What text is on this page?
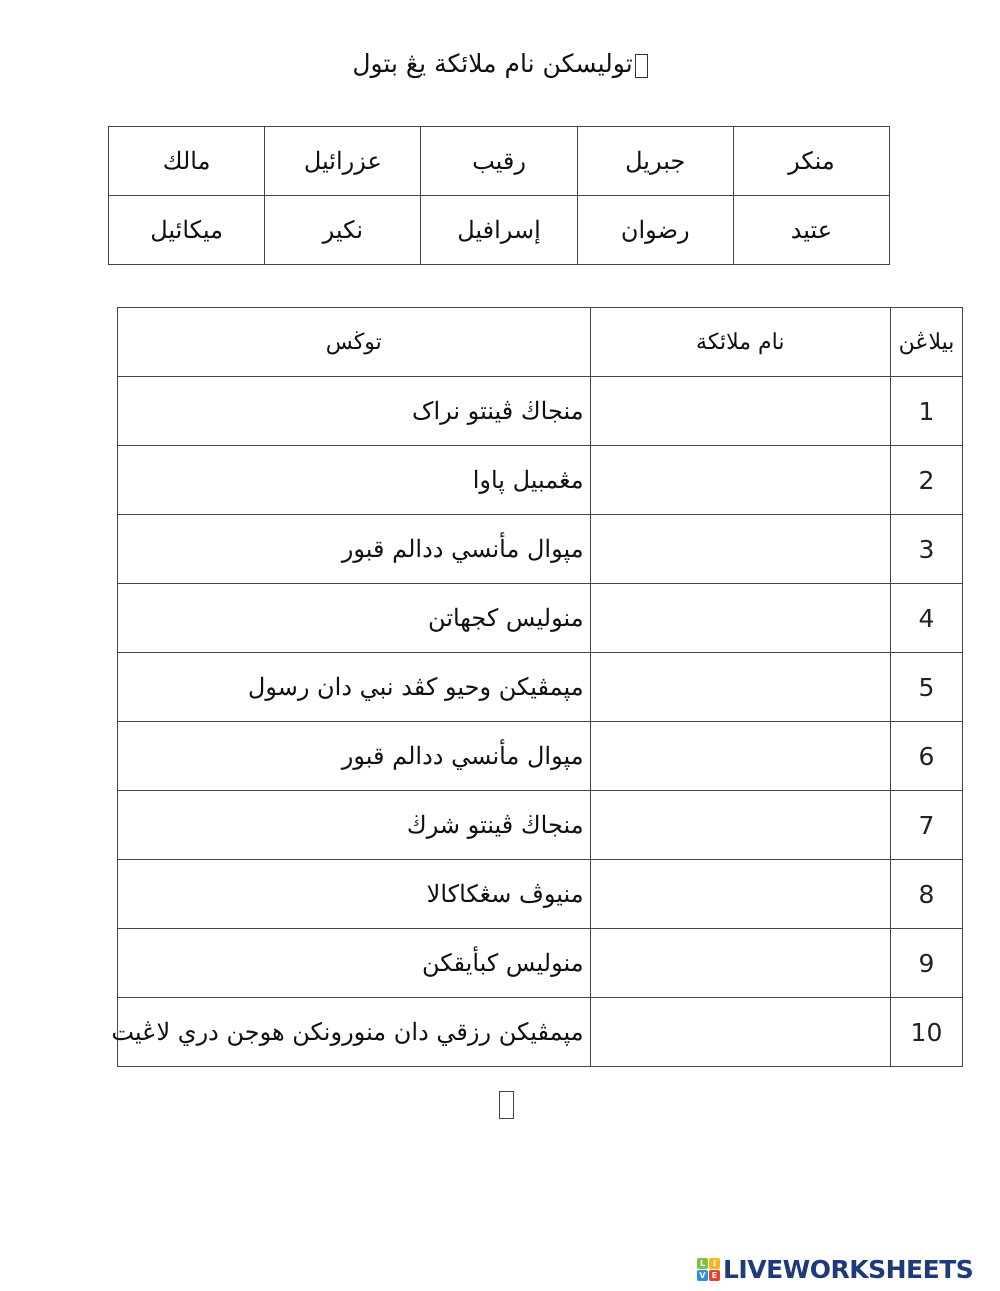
توليسكن نام ملائكة يڠ بتول
منكر	جبريل	رقيب	عزرائيل	مالك
عتيد	رضوان	إسرافيل	نكير	ميكائيل
بيلاڠن	نام ملائكة	توڬس
1		منجاڬ ڤينتو نراک
2		مڠمبيل ڽاوا
3		مڽوال مأنسي ددالم قبور
4		منوليس كجهاتن
5		مڽمڤيكن وحيو كڤد نبي دان رسول
6		مڽوال مأنسي ددالم قبور
7		منجاڬ ڤينتو شرڬ
8		منيوڤ سڠكاكالا
9		منوليس كبأيقكن
10		مڽمڤيكن رزقي دان منورونكن هوجن دري لاڠيت
L I
V E LIVEWORKSHEETS
